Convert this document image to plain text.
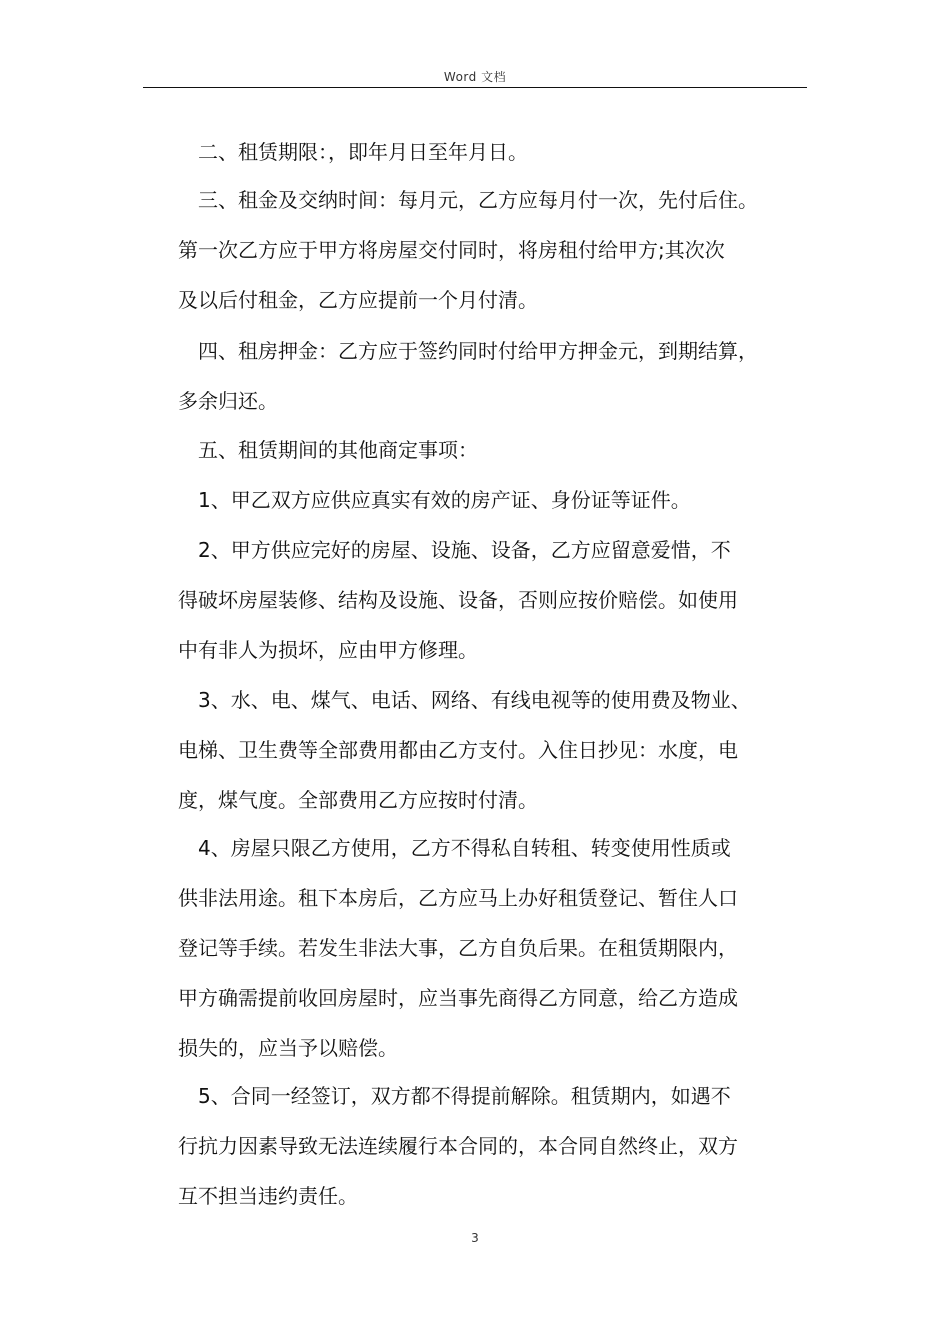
Word 文档
　二、租赁期限：，即年月日至年月日。
　三、租金及交纳时间：每月元，乙方应每月付一次，先付后住。
第一次乙方应于甲方将房屋交付同时，将房租付给甲方;其次次
及以后付租金，乙方应提前一个月付清。
　四、租房押金：乙方应于签约同时付给甲方押金元，到期结算，
多余归还。
　五、租赁期间的其他商定事项：
　1、甲乙双方应供应真实有效的房产证、身份证等证件。
　2、甲方供应完好的房屋、设施、设备，乙方应留意爱惜，不
得破坏房屋装修、结构及设施、设备，否则应按价赔偿。如使用
中有非人为损坏，应由甲方修理。
　3、水、电、煤气、电话、网络、有线电视等的使用费及物业、
电梯、卫生费等全部费用都由乙方支付。入住日抄见：水度，电
度，煤气度。全部费用乙方应按时付清。
　4、房屋只限乙方使用，乙方不得私自转租、转变使用性质或
供非法用途。租下本房后，乙方应马上办好租赁登记、暂住人口
登记等手续。若发生非法大事，乙方自负后果。在租赁期限内，
甲方确需提前收回房屋时，应当事先商得乙方同意，给乙方造成
损失的，应当予以赔偿。
　5、合同一经签订，双方都不得提前解除。租赁期内，如遇不
行抗力因素导致无法连续履行本合同的，本合同自然终止，双方
互不担当违约责任。
3
